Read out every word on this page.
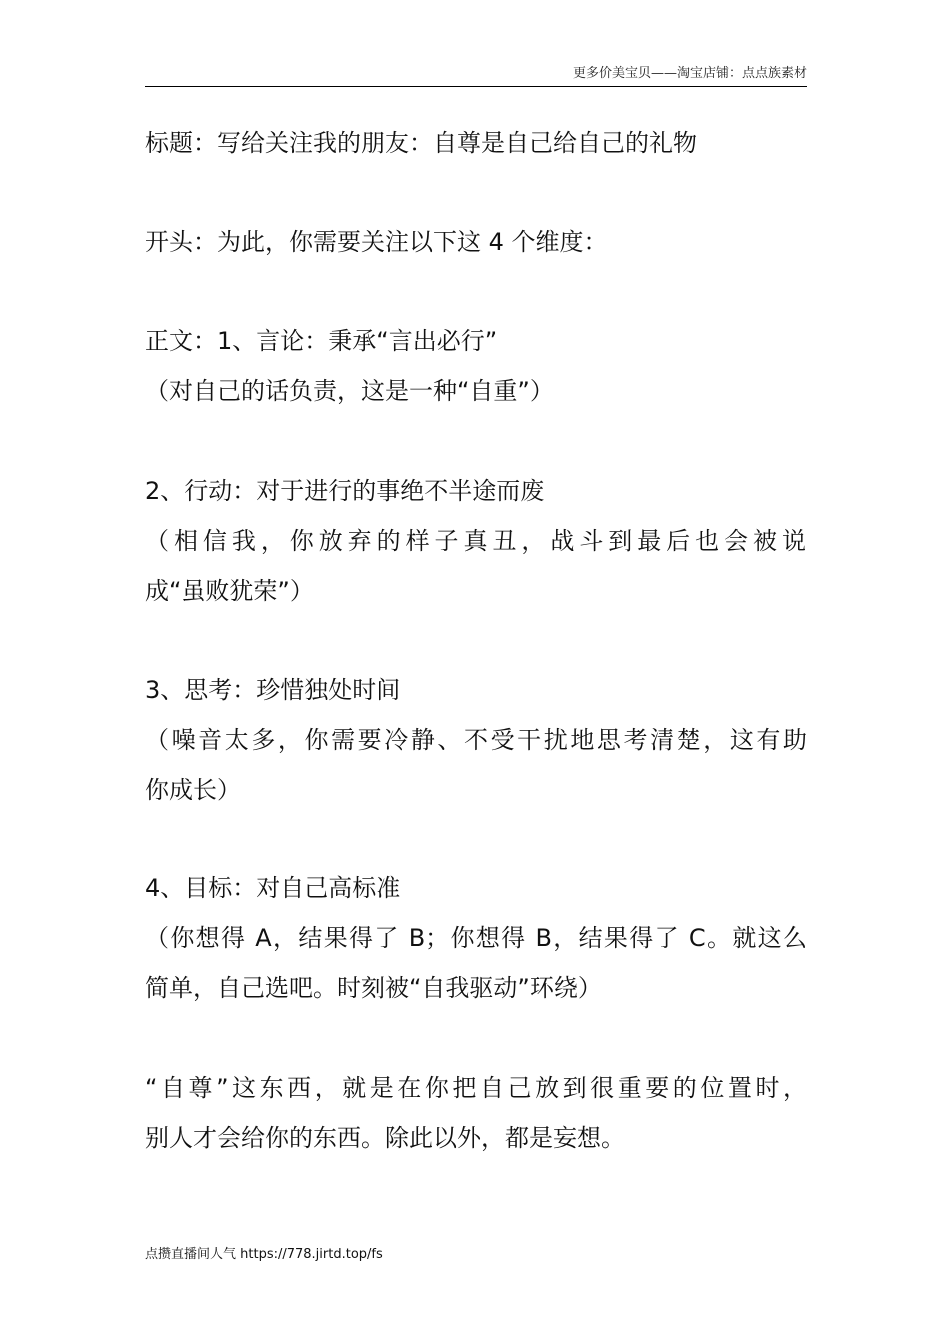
更多价美宝贝——淘宝店铺：点点族素材
标题：写给关注我的朋友：自尊是自己给自己的礼物
开头：为此，你需要关注以下这 4 个维度：
正文：1、言论：秉承“言出必行”
（对自己的话负责，这是一种“自重”）
2、行动：对于进行的事绝不半途而废
（相信我，你放弃的样子真丑，战斗到最后也会被说
成“虽败犹荣”）
3、思考：珍惜独处时间
（噪音太多，你需要冷静、不受干扰地思考清楚，这有助
你成长）
4、目标：对自己高标准
（你想得 A，结果得了 B；你想得 B，结果得了 C。就这么
简单，自己选吧。时刻被“自我驱动”环绕）
“自尊”这东西，就是在你把自己放到很重要的位置时，
别人才会给你的东西。除此以外，都是妄想。
点攒直播间人气 https://778.jirtd.top/fs
